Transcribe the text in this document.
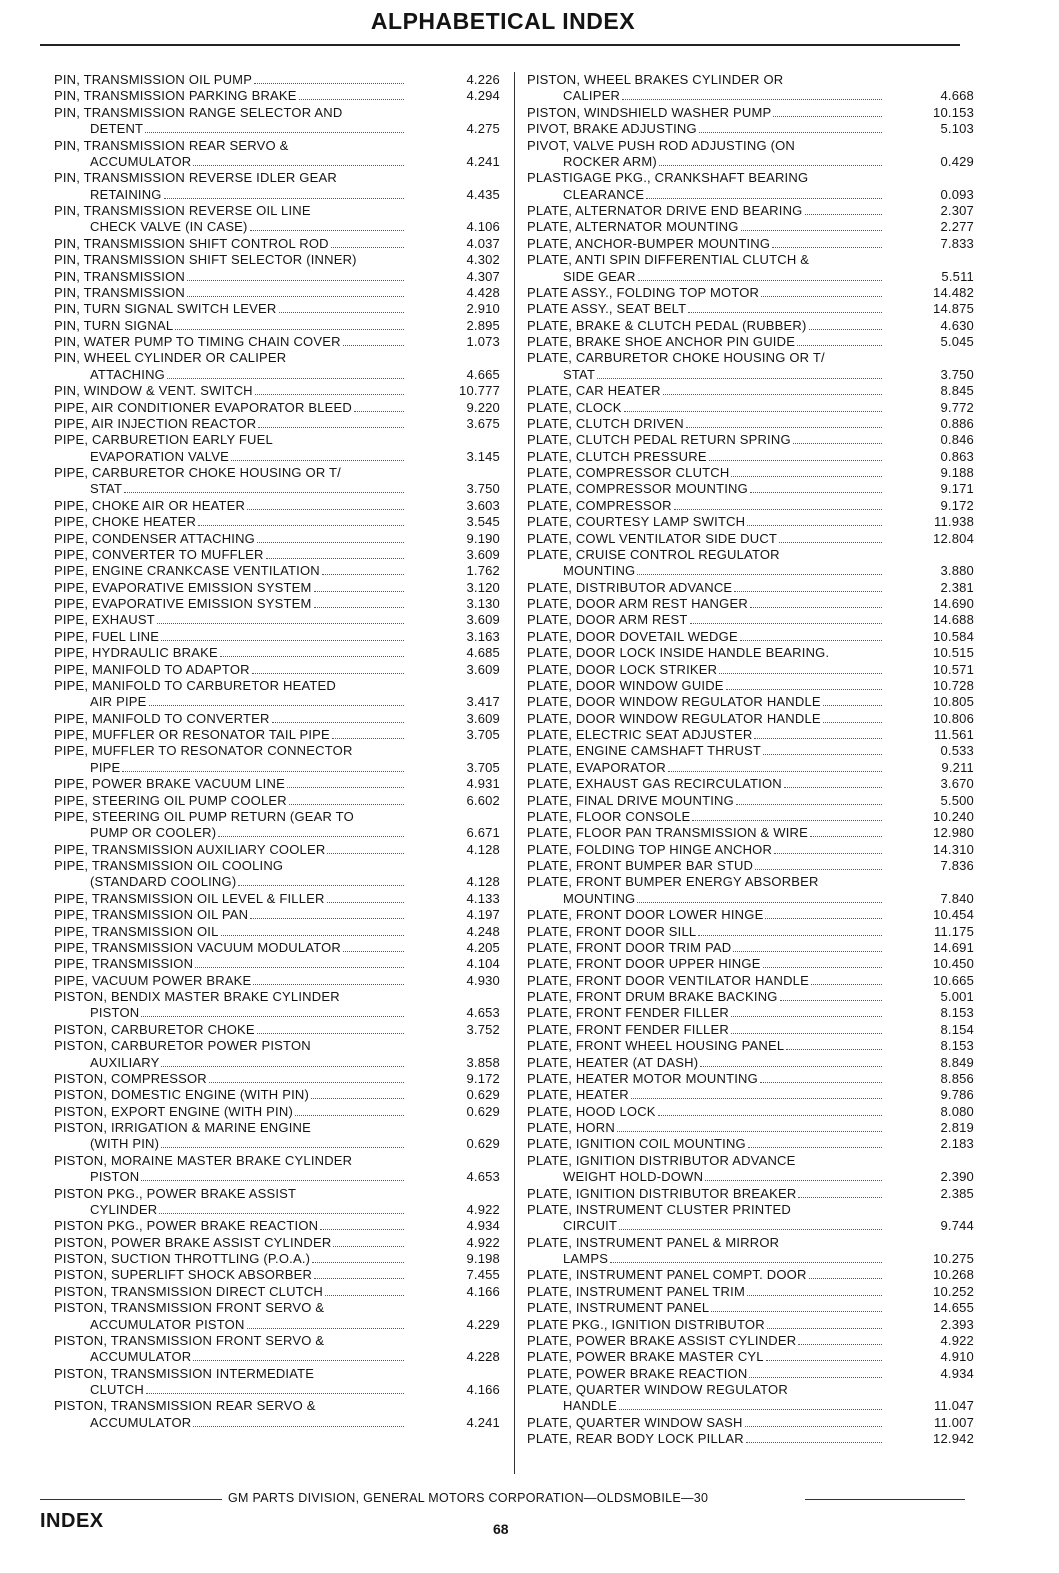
ALPHABETICAL INDEX
PIN, TRANSMISSION OIL PUMP	4.226
PIN, TRANSMISSION PARKING BRAKE	4.294
PIN, TRANSMISSION RANGE SELECTOR AND
DETENT	4.275
PIN, TRANSMISSION REAR SERVO &
ACCUMULATOR	4.241
PIN, TRANSMISSION REVERSE IDLER GEAR
RETAINING	4.435
PIN, TRANSMISSION REVERSE OIL LINE
CHECK VALVE (IN CASE)	4.106
PIN, TRANSMISSION SHIFT CONTROL ROD	4.037
PIN, TRANSMISSION SHIFT SELECTOR (INNER)	4.302
PIN, TRANSMISSION	4.307
PIN, TRANSMISSION	4.428
PIN, TURN SIGNAL SWITCH LEVER	2.910
PIN, TURN SIGNAL	2.895
PIN, WATER PUMP TO TIMING CHAIN COVER	1.073
PIN, WHEEL CYLINDER OR CALIPER
ATTACHING	4.665
PIN, WINDOW & VENT. SWITCH	10.777
PIPE, AIR CONDITIONER EVAPORATOR BLEED	9.220
PIPE, AIR INJECTION REACTOR	3.675
PIPE, CARBURETION EARLY FUEL
EVAPORATION VALVE	3.145
PIPE, CARBURETOR CHOKE HOUSING OR T/
STAT	3.750
PIPE, CHOKE AIR OR HEATER	3.603
PIPE, CHOKE HEATER	3.545
PIPE, CONDENSER ATTACHING	9.190
PIPE, CONVERTER TO MUFFLER	3.609
PIPE, ENGINE CRANKCASE VENTILATION	1.762
PIPE, EVAPORATIVE EMISSION SYSTEM	3.120
PIPE, EVAPORATIVE EMISSION SYSTEM	3.130
PIPE, EXHAUST	3.609
PIPE, FUEL LINE	3.163
PIPE, HYDRAULIC BRAKE	4.685
PIPE, MANIFOLD TO ADAPTOR	3.609
PIPE, MANIFOLD TO CARBURETOR HEATED
AIR PIPE	3.417
PIPE, MANIFOLD TO CONVERTER	3.609
PIPE, MUFFLER OR RESONATOR TAIL PIPE	3.705
PIPE, MUFFLER TO RESONATOR CONNECTOR
PIPE	3.705
PIPE, POWER BRAKE VACUUM LINE	4.931
PIPE, STEERING OIL PUMP COOLER	6.602
PIPE, STEERING OIL PUMP RETURN (GEAR TO
PUMP OR COOLER)	6.671
PIPE, TRANSMISSION AUXILIARY COOLER	4.128
PIPE, TRANSMISSION OIL COOLING
(STANDARD COOLING)	4.128
PIPE, TRANSMISSION OIL LEVEL & FILLER	4.133
PIPE, TRANSMISSION OIL PAN	4.197
PIPE, TRANSMISSION OIL	4.248
PIPE, TRANSMISSION VACUUM MODULATOR	4.205
PIPE, TRANSMISSION	4.104
PIPE, VACUUM POWER BRAKE	4.930
PISTON, BENDIX MASTER BRAKE CYLINDER
PISTON	4.653
PISTON, CARBURETOR CHOKE	3.752
PISTON, CARBURETOR POWER PISTON
AUXILIARY	3.858
PISTON, COMPRESSOR	9.172
PISTON, DOMESTIC ENGINE (WITH PIN)	0.629
PISTON, EXPORT ENGINE (WITH PIN)	0.629
PISTON, IRRIGATION & MARINE ENGINE
(WITH PIN)	0.629
PISTON, MORAINE MASTER BRAKE CYLINDER
PISTON	4.653
PISTON PKG., POWER BRAKE ASSIST
CYLINDER	4.922
PISTON PKG., POWER BRAKE REACTION	4.934
PISTON, POWER BRAKE ASSIST CYLINDER	4.922
PISTON, SUCTION THROTTLING (P.O.A.)	9.198
PISTON, SUPERLIFT SHOCK ABSORBER	7.455
PISTON, TRANSMISSION DIRECT CLUTCH	4.166
PISTON, TRANSMISSION FRONT SERVO &
ACCUMULATOR PISTON	4.229
PISTON, TRANSMISSION FRONT SERVO &
ACCUMULATOR	4.228
PISTON, TRANSMISSION INTERMEDIATE
CLUTCH	4.166
PISTON, TRANSMISSION REAR SERVO &
ACCUMULATOR	4.241
PISTON, WHEEL BRAKES CYLINDER OR
CALIPER	4.668
PISTON, WINDSHIELD WASHER PUMP	10.153
PIVOT, BRAKE ADJUSTING	5.103
PIVOT, VALVE PUSH ROD ADJUSTING (ON
ROCKER ARM)	0.429
PLASTIGAGE PKG., CRANKSHAFT BEARING
CLEARANCE	0.093
PLATE, ALTERNATOR DRIVE END BEARING	2.307
PLATE, ALTERNATOR MOUNTING	2.277
PLATE, ANCHOR-BUMPER MOUNTING	7.833
PLATE, ANTI SPIN DIFFERENTIAL CLUTCH &
SIDE GEAR	5.511
PLATE ASSY., FOLDING TOP MOTOR	14.482
PLATE ASSY., SEAT BELT	14.875
PLATE, BRAKE & CLUTCH PEDAL (RUBBER)	4.630
PLATE, BRAKE SHOE ANCHOR PIN GUIDE	5.045
PLATE, CARBURETOR CHOKE HOUSING OR T/
STAT	3.750
PLATE, CAR HEATER	8.845
PLATE, CLOCK	9.772
PLATE, CLUTCH DRIVEN	0.886
PLATE, CLUTCH PEDAL RETURN SPRING	0.846
PLATE, CLUTCH PRESSURE	0.863
PLATE, COMPRESSOR CLUTCH	9.188
PLATE, COMPRESSOR MOUNTING	9.171
PLATE, COMPRESSOR	9.172
PLATE, COURTESY LAMP SWITCH	11.938
PLATE, COWL VENTILATOR SIDE DUCT	12.804
PLATE, CRUISE CONTROL REGULATOR
MOUNTING	3.880
PLATE, DISTRIBUTOR ADVANCE	2.381
PLATE, DOOR ARM REST HANGER	14.690
PLATE, DOOR ARM REST	14.688
PLATE, DOOR DOVETAIL WEDGE	10.584
PLATE, DOOR LOCK INSIDE HANDLE BEARING.	10.515
PLATE, DOOR LOCK STRIKER	10.571
PLATE, DOOR WINDOW GUIDE	10.728
PLATE, DOOR WINDOW REGULATOR HANDLE	10.805
PLATE, DOOR WINDOW REGULATOR HANDLE	10.806
PLATE, ELECTRIC SEAT ADJUSTER	11.561
PLATE, ENGINE CAMSHAFT THRUST	0.533
PLATE, EVAPORATOR	9.211
PLATE, EXHAUST GAS RECIRCULATION	3.670
PLATE, FINAL DRIVE MOUNTING	5.500
PLATE, FLOOR CONSOLE	10.240
PLATE, FLOOR PAN TRANSMISSION & WIRE	12.980
PLATE, FOLDING TOP HINGE ANCHOR	14.310
PLATE, FRONT BUMPER BAR STUD	7.836
PLATE, FRONT BUMPER ENERGY ABSORBER
MOUNTING	7.840
PLATE, FRONT DOOR LOWER HINGE	10.454
PLATE, FRONT DOOR SILL	11.175
PLATE, FRONT DOOR TRIM PAD	14.691
PLATE, FRONT DOOR UPPER HINGE	10.450
PLATE, FRONT DOOR VENTILATOR HANDLE	10.665
PLATE, FRONT DRUM BRAKE BACKING	5.001
PLATE, FRONT FENDER FILLER	8.153
PLATE, FRONT FENDER FILLER	8.154
PLATE, FRONT WHEEL HOUSING PANEL	8.153
PLATE, HEATER (AT DASH)	8.849
PLATE, HEATER MOTOR MOUNTING	8.856
PLATE, HEATER	9.786
PLATE, HOOD LOCK	8.080
PLATE, HORN	2.819
PLATE, IGNITION COIL MOUNTING	2.183
PLATE, IGNITION DISTRIBUTOR ADVANCE
WEIGHT HOLD-DOWN	2.390
PLATE, IGNITION DISTRIBUTOR BREAKER	2.385
PLATE, INSTRUMENT CLUSTER PRINTED
CIRCUIT	9.744
PLATE, INSTRUMENT PANEL & MIRROR
LAMPS	10.275
PLATE, INSTRUMENT PANEL COMPT. DOOR	10.268
PLATE, INSTRUMENT PANEL TRIM	10.252
PLATE, INSTRUMENT PANEL	14.655
PLATE PKG., IGNITION DISTRIBUTOR	2.393
PLATE, POWER BRAKE ASSIST CYLINDER	4.922
PLATE, POWER BRAKE MASTER CYL	4.910
PLATE, POWER BRAKE REACTION	4.934
PLATE, QUARTER WINDOW REGULATOR
HANDLE	11.047
PLATE, QUARTER WINDOW SASH	11.007
PLATE, REAR BODY LOCK PILLAR	12.942
GM PARTS DIVISION, GENERAL MOTORS CORPORATION—OLDSMOBILE—30
INDEX	68
